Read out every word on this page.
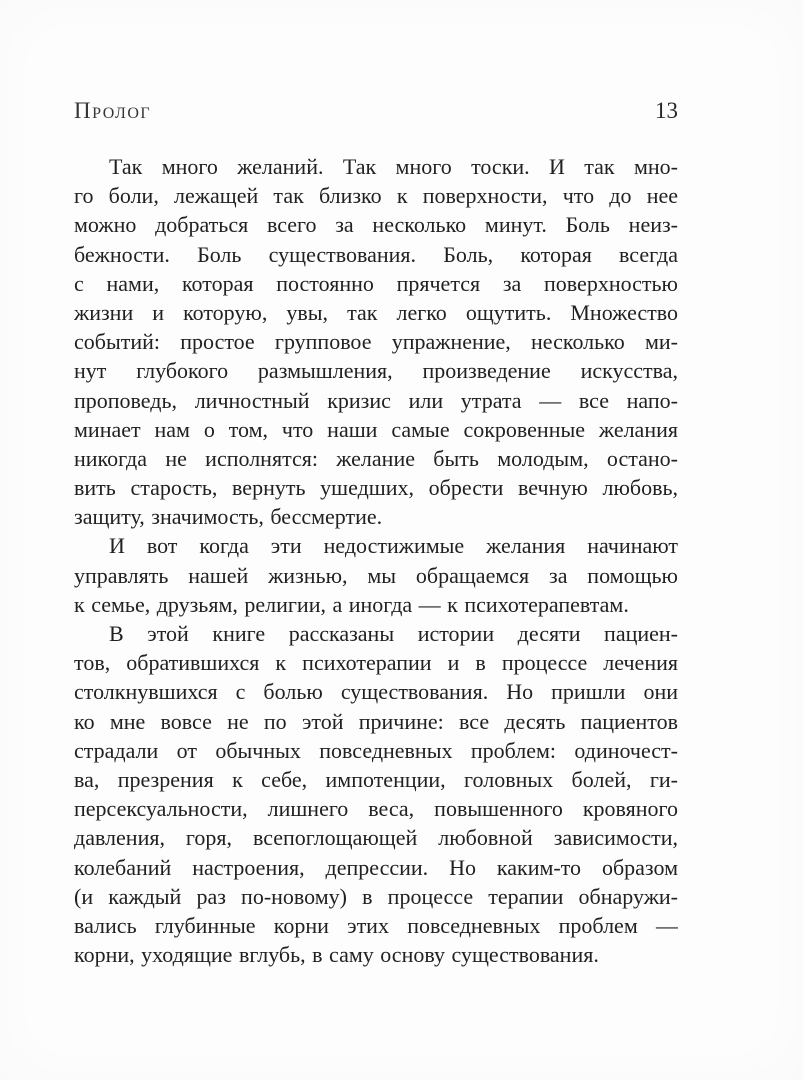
Пролог	13
Так много желаний. Так много тоски. И так мно-
го боли, лежащей так близко к поверхности, что до нее
можно добраться всего за несколько минут. Боль неиз-
бежности. Боль существования. Боль, которая всегда
с нами, которая постоянно прячется за поверхностью
жизни и которую, увы, так легко ощутить. Множество
событий: простое групповое упражнение, несколько ми-
нут глубокого размышления, произведение искусства,
проповедь, личностный кризис или утрата — все напо-
минает нам о том, что наши самые сокровенные желания
никогда не исполнятся: желание быть молодым, остано-
вить старость, вернуть ушедших, обрести вечную любовь,
защиту, значимость, бессмертие.
И вот когда эти недостижимые желания начинают
управлять нашей жизнью, мы обращаемся за помощью
к семье, друзьям, религии, а иногда — к психотерапевтам.
В этой книге рассказаны истории десяти пациен-
тов, обратившихся к психотерапии и в процессе лечения
столкнувшихся с болью существования. Но пришли они
ко мне вовсе не по этой причине: все десять пациентов
страдали от обычных повседневных проблем: одиночест-
ва, презрения к себе, импотенции, головных болей, ги-
персексуальности, лишнего веса, повышенного кровяного
давления, горя, всепоглощающей любовной зависимости,
колебаний настроения, депрессии. Но каким-то образом
(и каждый раз по-новому) в процессе терапии обнаружи-
вались глубинные корни этих повседневных проблем —
корни, уходящие вглубь, в саму основу существования.
